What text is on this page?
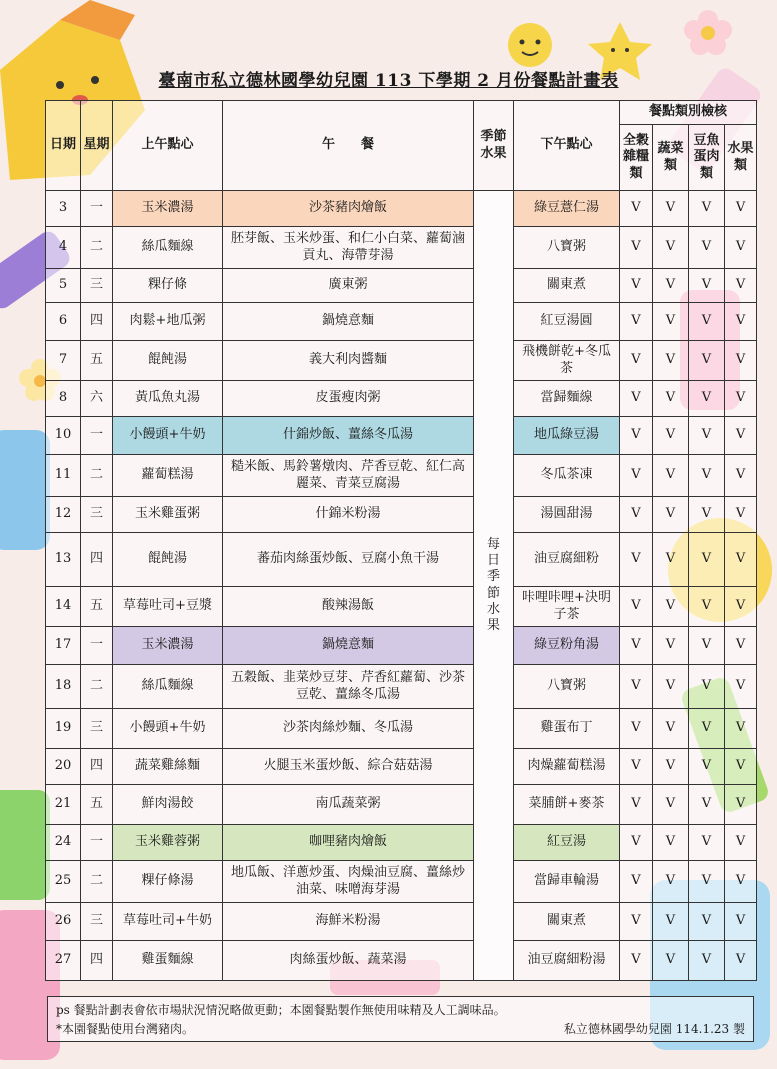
臺南市私立德林國學幼兒園 113 下學期 2 月份餐點計畫表
日期	星期	上午點心	午　　餐	季節水果	下午點心	餐點類別檢核			
						全穀雜糧類	蔬菜類	豆魚蛋肉類	水果類
3	一	玉米濃湯	沙茶豬肉燴飯	每日季節水果	綠豆薏仁湯	V	V	V	V
4	二	絲瓜麵線	胚芽飯、玉米炒蛋、和仁小白菜、蘿蔔滷貢丸、海帶芽湯		八寶粥	V	V	V	V
5	三	粿仔條	廣東粥		關東煮	V	V	V	V
6	四	肉鬆+地瓜粥	鍋燒意麵		紅豆湯圓	V	V	V	V
7	五	餛飩湯	義大利肉醬麵		飛機餅乾+冬瓜茶	V	V	V	V
8	六	黃瓜魚丸湯	皮蛋瘦肉粥		當歸麵線	V	V	V	V
10	一	小饅頭+牛奶	什錦炒飯、薑絲冬瓜湯		地瓜綠豆湯	V	V	V	V
11	二	蘿蔔糕湯	糙米飯、馬鈴薯燉肉、芹香豆乾、紅仁高麗菜、青菜豆腐湯		冬瓜茶凍	V	V	V	V
12	三	玉米雞蛋粥	什錦米粉湯		湯圓甜湯	V	V	V	V
13	四	餛飩湯	蕃茄肉絲蛋炒飯、豆腐小魚干湯		油豆腐細粉	V	V	V	V
14	五	草莓吐司+豆漿	酸辣湯飯		咔哩咔哩+決明子茶	V	V	V	V
17	一	玉米濃湯	鍋燒意麵		綠豆粉角湯	V	V	V	V
18	二	絲瓜麵線	五穀飯、韭菜炒豆芽、芹香紅蘿蔔、沙茶豆乾、薑絲冬瓜湯		八寶粥	V	V	V	V
19	三	小饅頭+牛奶	沙茶肉絲炒麵、冬瓜湯		雞蛋布丁	V	V	V	V
20	四	蔬菜雞絲麵	火腿玉米蛋炒飯、綜合菇菇湯		肉燥蘿蔔糕湯	V	V	V	V
21	五	鮮肉湯餃	南瓜蔬菜粥		菜脯餅+麥茶	V	V	V	V
24	一	玉米雞蓉粥	咖哩豬肉燴飯		紅豆湯	V	V	V	V
25	二	粿仔條湯	地瓜飯、洋蔥炒蛋、肉燥油豆腐、薑絲炒油菜、味噌海芽湯		當歸車輪湯	V	V	V	V
26	三	草莓吐司+牛奶	海鮮米粉湯		關東煮	V	V	V	V
27	四	雞蛋麵線	肉絲蛋炒飯、蔬菜湯		油豆腐細粉湯	V	V	V	V
ps 餐點計劃表會依市場狀況情況略做更動；本園餐點製作無使用味精及人工調味品。
*本園餐點使用台灣豬肉。	私立德林國學幼兒園 114.1.23 製
